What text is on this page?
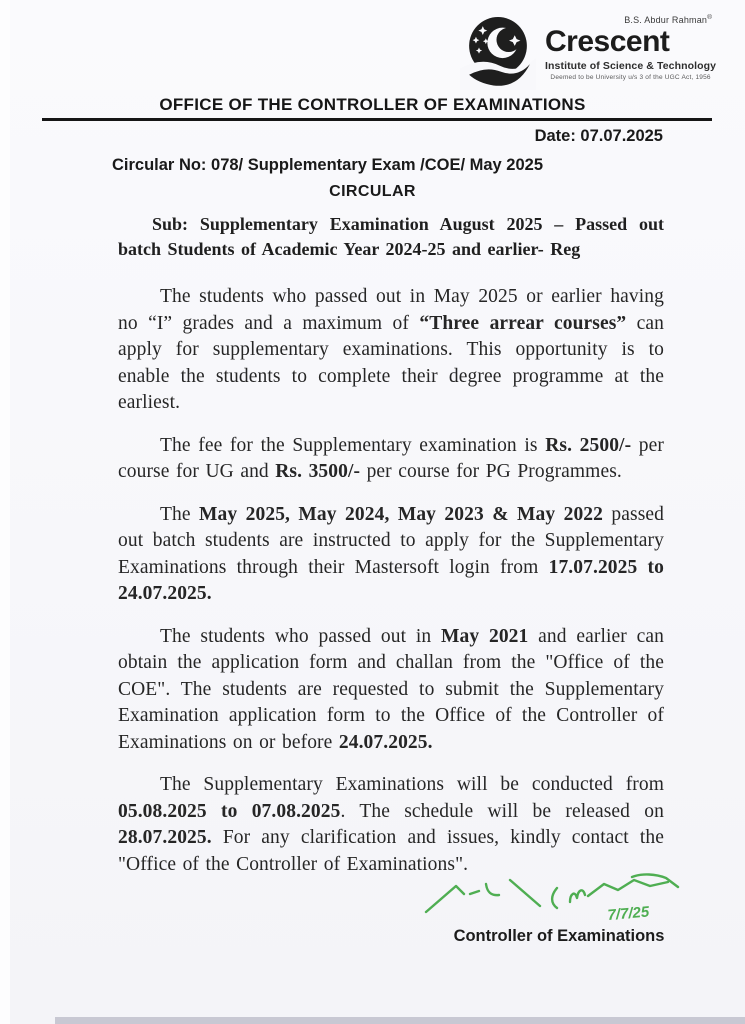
B.S. Abdur Rahman®
Crescent
Institute of Science & Technology
Deemed to be University u/s 3 of the UGC Act, 1956
OFFICE OF THE CONTROLLER OF EXAMINATIONS
Date: 07.07.2025
Circular No: 078/ Supplementary Exam /COE/ May 2025
CIRCULAR

Sub: Supplementary Examination August 2025 – Passed out batch Students of Academic Year 2024-25 and earlier- Reg

The students who passed out in May 2025 or earlier having no “I” grades and a maximum of “Three arrear courses” can apply for supplementary examinations. This opportunity is to enable the students to complete their degree programme at the earliest.

The fee for the Supplementary examination is Rs. 2500/- per course for UG and Rs. 3500/- per course for PG Programmes.

The May 2025, May 2024, May 2023 & May 2022 passed out batch students are instructed to apply for the Supplementary Examinations through their Mastersoft login from 17.07.2025 to 24.07.2025.

The students who passed out in May 2021 and earlier can obtain the application form and challan from the "Office of the COE". The students are requested to submit the Supplementary Examination application form to the Office of the Controller of Examinations on or before 24.07.2025.

The Supplementary Examinations will be conducted from 05.08.2025 to 07.08.2025. The schedule will be released on 28.07.2025. For any clarification and issues, kindly contact the "Office of the Controller of Examinations".

7/7/25
Controller of Examinations
